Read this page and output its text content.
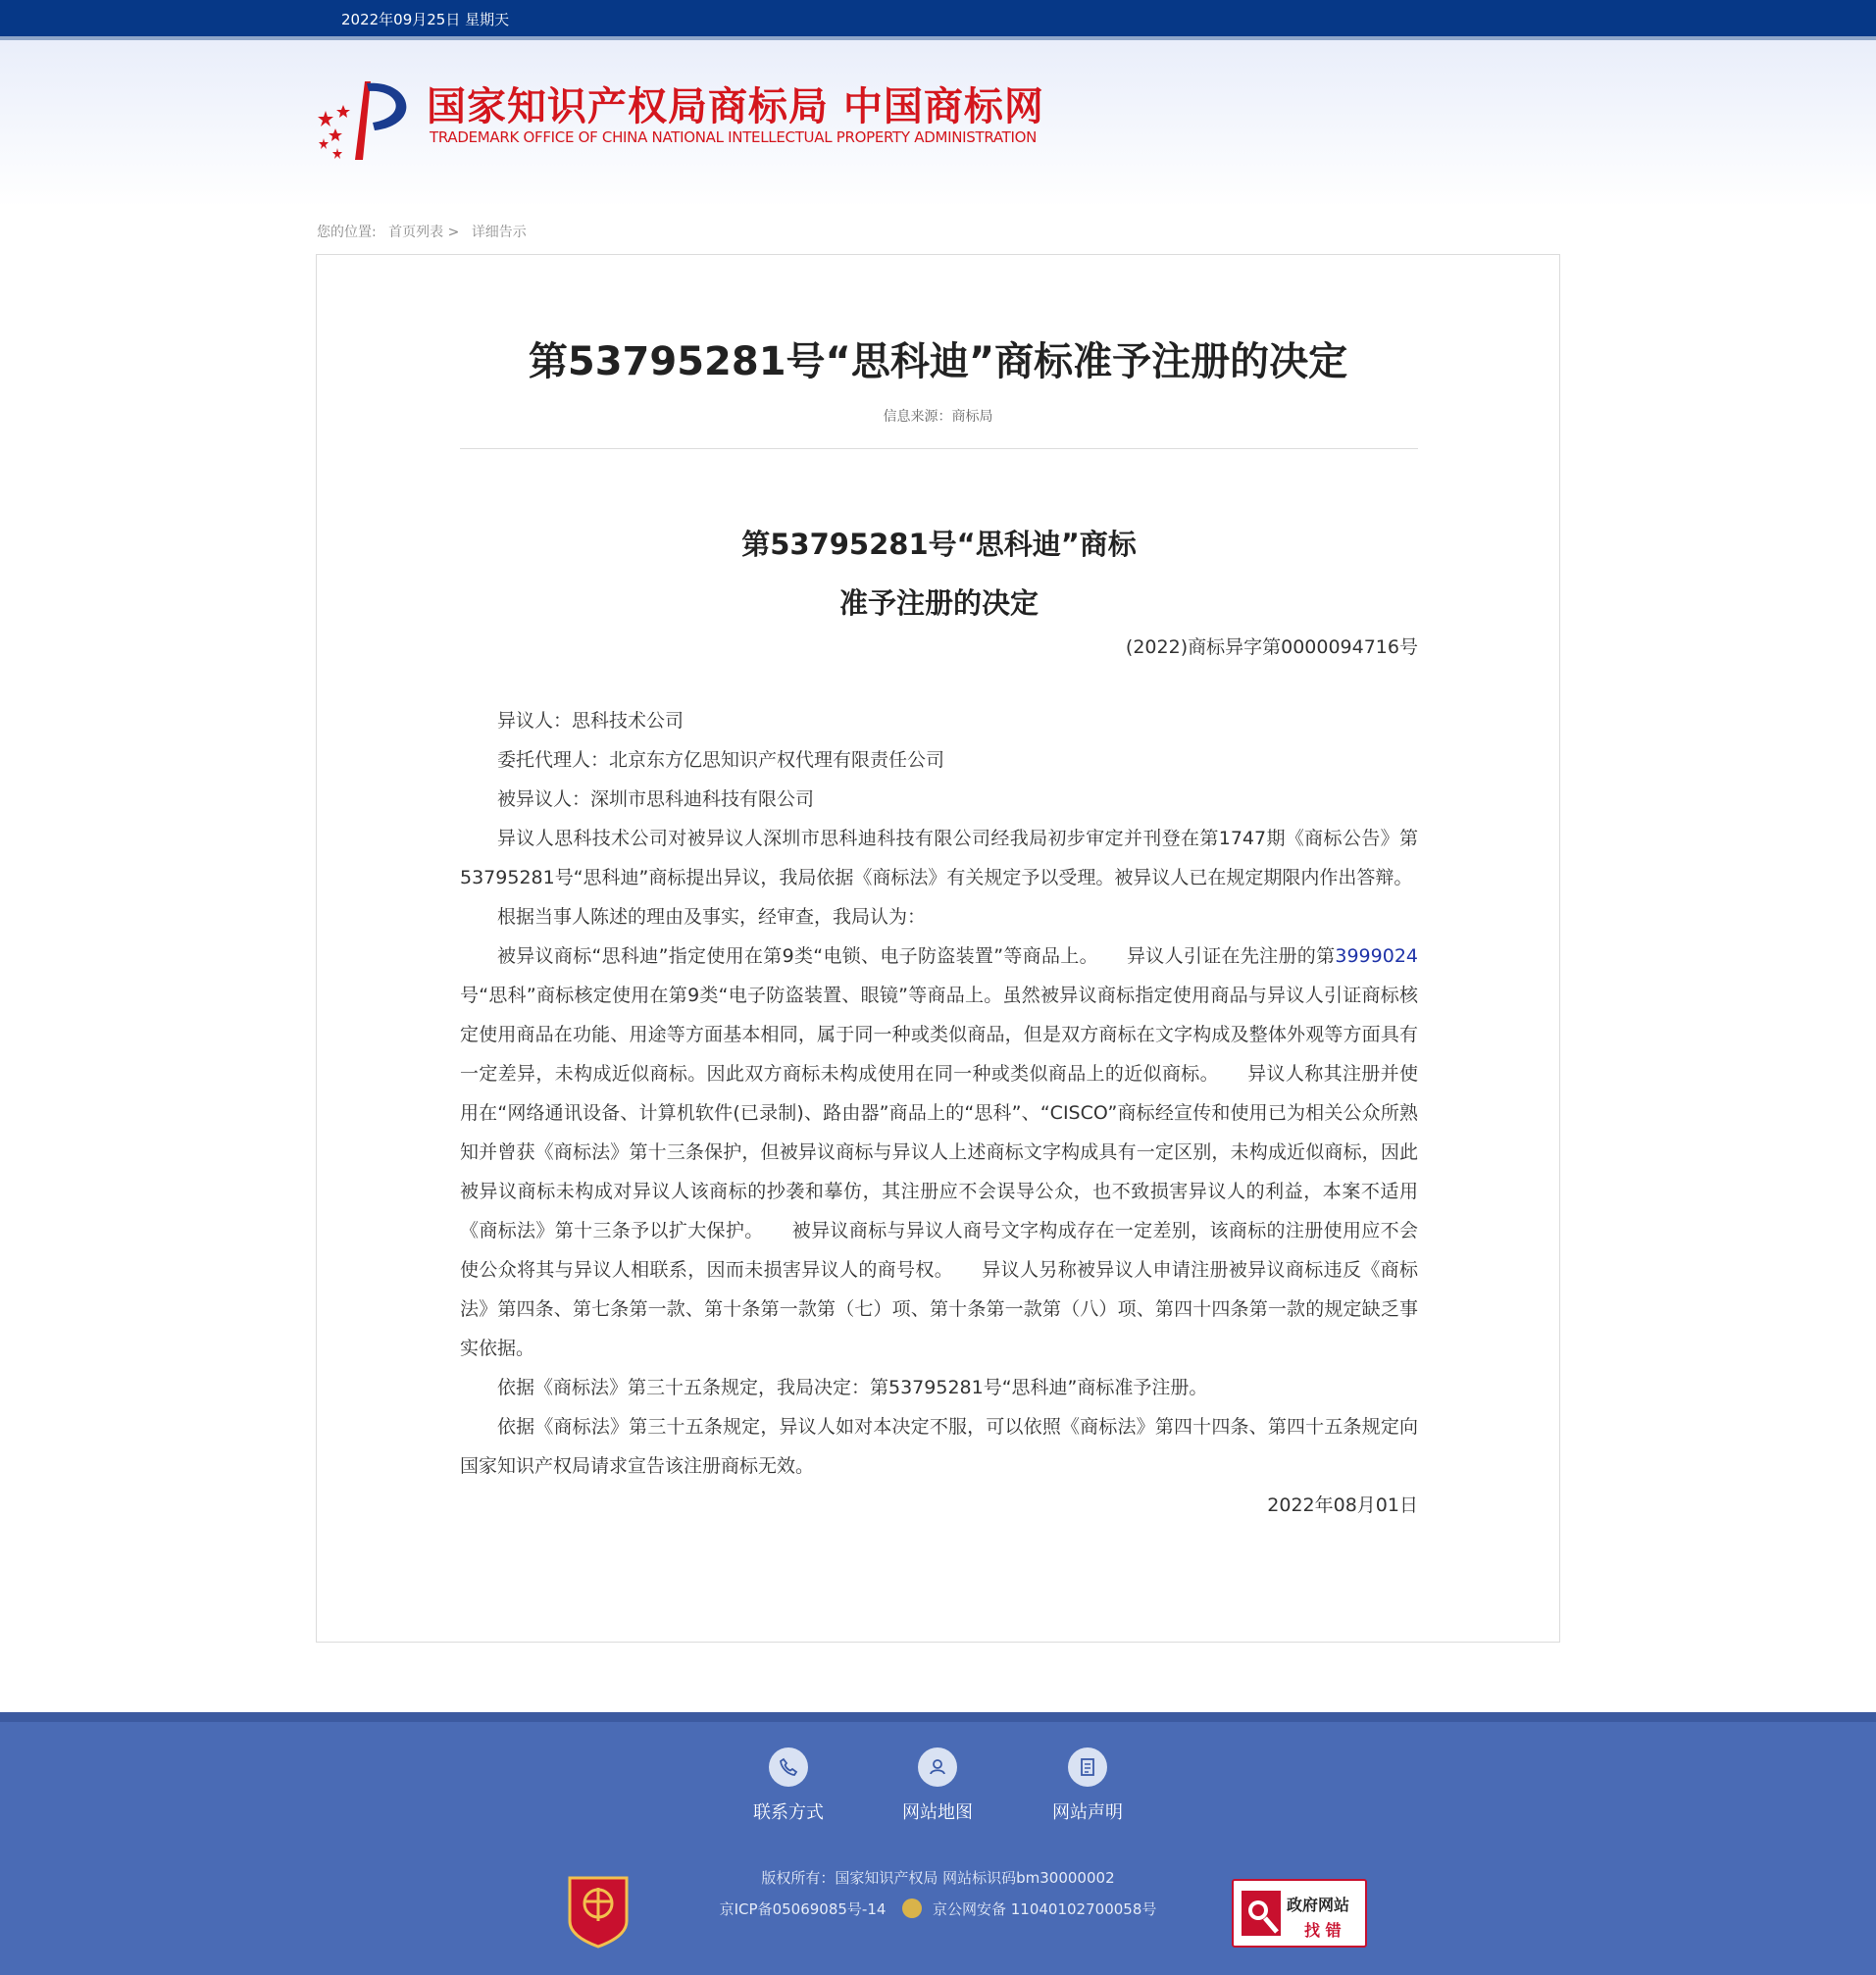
2022年09月25日 星期天
国家知识产权局商标局 中国商标网
TRADEMARK OFFICE OF CHINA NATIONAL INTELLECTUAL PROPERTY ADMINISTRATION
您的位置: 首页列表 > 详细告示
第53795281号“思科迪”商标准予注册的决定
信息来源：商标局
第53795281号“思科迪”商标
准予注册的决定
(2022)商标异字第0000094716号

异议人：思科技术公司

委托代理人：北京东方亿思知识产权代理有限责任公司

被异议人：深圳市思科迪科技有限公司

异议人思科技术公司对被异议人深圳市思科迪科技有限公司经我局初步审定并刊登在第1747期《商标公告》第53795281号“思科迪”商标提出异议，我局依据《商标法》有关规定予以受理。被异议人已在规定期限内作出答辩。

根据当事人陈述的理由及事实，经审查，我局认为：

被异议商标“思科迪”指定使用在第9类“电锁、电子防盗装置”等商品上。　　异议人引证在先注册的第3999024号“思科”商标核定使用在第9类“电子防盗装置、眼镜”等商品上。虽然被异议商标指定使用商品与异议人引证商标核定使用商品在功能、用途等方面基本相同，属于同一种或类似商品，但是双方商标在文字构成及整体外观等方面具有一定差异，未构成近似商标。因此双方商标未构成使用在同一种或类似商品上的近似商标。　　异议人称其注册并使用在“网络通讯设备、计算机软件(已录制)、路由器”商品上的“思科”、“CISCO”商标经宣传和使用已为相关公众所熟知并曾获《商标法》第十三条保护，但被异议商标与异议人上述商标文字构成具有一定区别，未构成近似商标，因此被异议商标未构成对异议人该商标的抄袭和摹仿，其注册应不会误导公众，也不致损害异议人的利益，本案不适用《商标法》第十三条予以扩大保护。　　被异议商标与异议人商号文字构成存在一定差别，该商标的注册使用应不会使公众将其与异议人相联系，因而未损害异议人的商号权。　　异议人另称被异议人申请注册被异议商标违反《商标法》第四条、第七条第一款、第十条第一款第（七）项、第十条第一款第（八）项、第四十四条第一款的规定缺乏事实依据。

依据《商标法》第三十五条规定，我局决定：第53795281号“思科迪”商标准予注册。

依据《商标法》第三十五条规定，异议人如对本决定不服，可以依照《商标法》第四十四条、第四十五条规定向国家知识产权局请求宣告该注册商标无效。

2022年08月01日
联系方式	网站地图	网站声明
版权所有：国家知识产权局 网站标识码bm30000002
京ICP备05069085号-14	京公网安备 11040102700058号	政府网站
找 错
